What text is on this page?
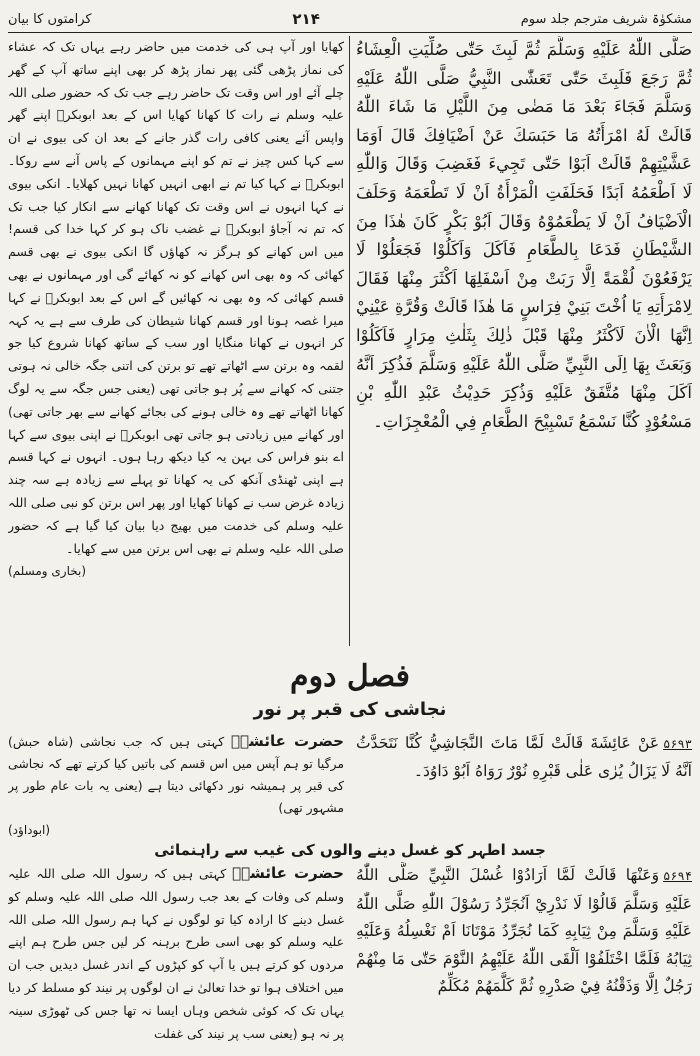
مشکوٰۃ شریف مترجم جلد سوم
۲۱۴
کرامتوں کا بیان

صَلَّى اللّٰهُ عَلَيْهِ وَسَلَّمَ ثُمَّ لَبِثَ حَتّٰى صُلِّيَتِ الْعِشَاءُ ثُمَّ رَجَعَ فَلَبِثَ حَتّٰى تَعَشّٰى النَّبِيُّ صَلَّى اللّٰهُ عَلَيْهِ وَسَلَّمَ فَجَاءَ بَعْدَ مَا مَضٰى مِنَ اللَّيْلِ مَا شَاءَ اللّٰهُ قَالَتْ لَهُ امْرَأَتُهُ مَا حَبَسَكَ عَنْ اَضْيَافِكَ قَالَ اَوَمَا عَشَّيْتِهِمْ قَالَتْ اَبَوْا حَتّٰى تَجِيءَ فَغَضِبَ وَقَالَ وَاللّٰهِ لَا اَطْعَمُهُ اَبَدًا فَحَلَفَتِ الْمَرْأَةُ اَنْ لَا تَطْعَمَهُ وَحَلَفَ الْاَضْيَافُ اَنْ لَا يَطْعَمُوْهُ وَقَالَ اَبُوْ بَكْرٍ كَانَ هٰذَا مِنَ الشَّيْطَانِ فَدَعَا بِالطَّعَامِ فَاَكَلَ وَاَكَلُوْا فَجَعَلُوْا لَا يَرْفَعُوْنَ لُقْمَةً اِلَّا رَبَتْ مِنْ اَسْفَلِهَا اَكْثَرَ مِنْهَا فَقَالَ لِامْرَأَتِهِ يَا اُخْتَ بَنِيْ فِرَاسٍ مَا هٰذَا قَالَتْ وَقُرَّةِ عَيْنِيْ اِنَّهَا الْاٰنَ لَاَكْثَرُ مِنْهَا قَبْلَ ذٰلِكَ بِثَلٰثِ مِرَارٍ فَاَكَلُوْا وَبَعَثَ بِهَا اِلَى النَّبِيِّ صَلَّى اللّٰهُ عَلَيْهِ وَسَلَّمَ فَذُكِرَ اَنَّهُ اَكَلَ مِنْهَا مُتَّفَقٌ عَلَيْهِ وَذُكِرَ حَدِيْثُ عَبْدِ اللّٰهِ بْنِ مَسْعُوْدٍ كُنَّا نَسْمَعُ تَسْبِيْحَ الطَّعَامِ فِي الْمُعْجِزَاتِ۔

کھایا اور آپ ہی کی خدمت میں حاضر رہے یہاں تک کہ عشاء کی نماز پڑھی گئی پھر نماز پڑھ کر بھی اپنے ساتھ آپ کے گھر چلے آئے اور اس وقت تک حاضر رہے جب تک کہ حضور صلی اللہ علیہ وسلم نے رات کا کھانا کھایا اس کے بعد ابوبکرؓ اپنے گھر واپس آئے یعنی کافی رات گذر جانے کے بعد ان کی بیوی نے ان سے کہا کس چیز نے تم کو اپنے مہمانوں کے پاس آنے سے روکا۔ ابوبکرؓ نے کہا کیا تم نے ابھی انہیں کھانا نہیں کھلایا۔ انکی بیوی نے کہا انہوں نے اس وقت تک کھانا کھانے سے انکار کیا جب تک کہ تم نہ آجاؤ ابوبکرؓ نے غضب ناک ہو کر کہا خدا کی قسم! میں اس کھانے کو ہرگز نہ کھاؤں گا انکی بیوی نے بھی قسم کھائی کہ وہ بھی اس کھانے کو نہ کھائے گی اور مہمانوں نے بھی قسم کھائی کہ وہ بھی نہ کھائیں گے اس کے بعد ابوبکرؓ نے کہا میرا غصہ ہونا اور قسم کھانا شیطان کی طرف سے ہے یہ کہہ کر انہوں نے کھانا منگایا اور سب کے ساتھ کھانا شروع کیا جو لقمہ وہ برتن سے اٹھاتے تھے تو برتن کی اتنی جگہ خالی نہ ہوتی جتنی کہ کھانے سے پُر ہو جاتی تھی (یعنی جس جگہ سے یہ لوگ کھانا اٹھاتے تھے وہ خالی ہونے کی بجائے کھانے سے بھر جاتی تھی) اور کھانے میں زیادتی ہو جاتی تھی ابوبکرؓ نے اپنی بیوی سے کہا اے بنو فراس کی بہن یہ کیا دیکھ رہا ہوں۔ انہوں نے کہا قسم ہے اپنی ٹھنڈی آنکھ کی یہ کھانا تو پہلے سے زیادہ ہے سہ چند زیادہ غرض سب نے کھانا کھایا اور پھر اس برتن کو نبی صلی اللہ علیہ وسلم کی خدمت میں بھیج دیا بیان کیا گیا ہے کہ حضور صلی اللہ علیہ وسلم نے بھی اس برتن میں سے کھایا۔

(بخاری ومسلم)

فصل دوم
نجاشی کی قبر پر نور

۵۶۹۳عَنْ عَائِشَةَ قَالَتْ لَمَّا مَاتَ النَّجَاشِيُّ كُنَّا نَتَحَدَّثُ اَنَّهُ لَا يَزَالُ يُرٰى عَلٰى قَبْرِهِ نُوْرٌ رَوَاهُ اَبُوْ دَاوُدَ۔

حضرت عائشہؓ کہتی ہیں کہ جب نجاشی (شاہ حبش) مرگیا تو ہم آپس میں اس قسم کی باتیں کیا کرتے تھے کہ نجاشی کی قبر پر ہمیشہ نور دکھائی دیتا ہے (یعنی یہ بات عام طور پر مشہور تھی)

(ابوداؤد)

جسد اطہر کو غسل دینے والوں کی غیب سے راہنمائی

۵۶۹۴وَعَنْهَا قَالَتْ لَمَّا اَرَادُوْا غُسْلَ النَّبِيِّ صَلَّى اللّٰهُ عَلَيْهِ وَسَلَّمَ قَالُوْا لَا نَدْرِيْ اَنُجَرِّدُ رَسُوْلَ اللّٰهِ صَلَّى اللّٰهُ عَلَيْهِ وَسَلَّمَ مِنْ ثِيَابِهِ كَمَا نُجَرِّدُ مَوْتَانَا اَمْ نَغْسِلُهُ وَعَلَيْهِ ثِيَابُهُ فَلَمَّا اخْتَلَفُوْا اَلْقَى اللّٰهُ عَلَيْهِمُ النَّوْمَ حَتّٰى مَا مِنْهُمْ رَجُلٌ اِلَّا وَذَقْنُهُ فِيْ صَدْرِهِ ثُمَّ كَلَّمَهُمْ مُكَلِّمٌ

حضرت عائشہؓ کہتی ہیں کہ رسول اللہ صلی اللہ علیہ وسلم کی وفات کے بعد جب رسول اللہ صلی اللہ علیہ وسلم کو غسل دینے کا ارادہ کیا تو لوگوں نے کہا ہم رسول اللہ صلی اللہ علیہ وسلم کو بھی اسی طرح برہنہ کر لیں جس طرح ہم اپنے مردوں کو کرتے ہیں یا آپ کو کپڑوں کے اندر غسل دیدیں جب ان میں اختلاف ہوا تو خدا تعالیٰ نے ان لوگوں پر نیند کو مسلط کر دیا یہاں تک کہ کوئی شخص وہاں ایسا نہ تھا جس کی ٹھوڑی سینہ پر نہ ہو (یعنی سب پر نیند کی غفلت
